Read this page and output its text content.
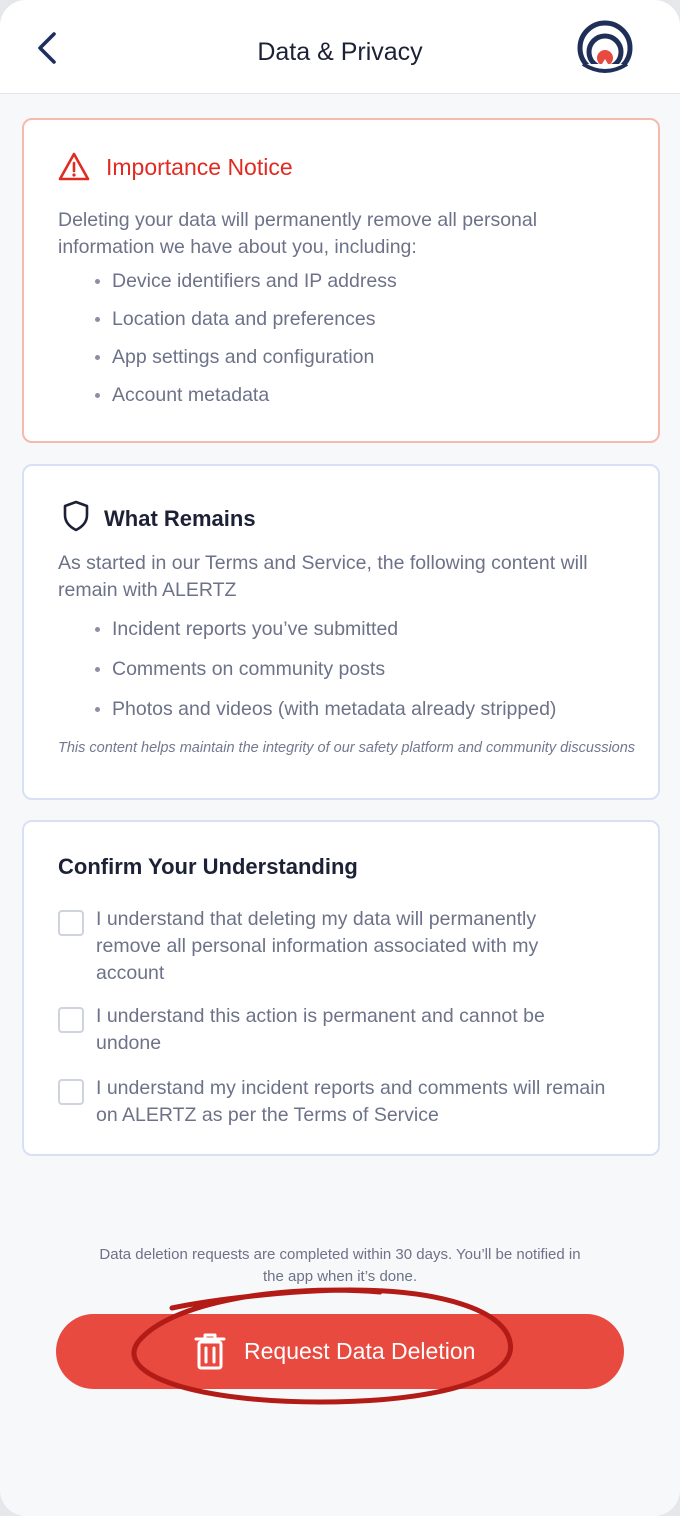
Data & Privacy
Importance Notice
Deleting your data will permanently remove all personal information we have about you, including:
Device identifiers and IP address
Location data and preferences
App settings and configuration
Account metadata
What Remains
As started in our Terms and Service, the following content will remain with ALERTZ
Incident reports you’ve submitted
Comments on community posts
Photos and videos (with metadata already stripped)
This content helps maintain the integrity of our safety platform and community discussions
Confirm Your Understanding
I understand that deleting my data will permanently remove all personal information associated with my account
I understand this action is permanent and cannot be undone
I understand my incident reports and comments will remain on ALERTZ as per the Terms of Service
Data deletion requests are completed within 30 days. You’ll be notified in the app when it’s done.
Request Data Deletion
